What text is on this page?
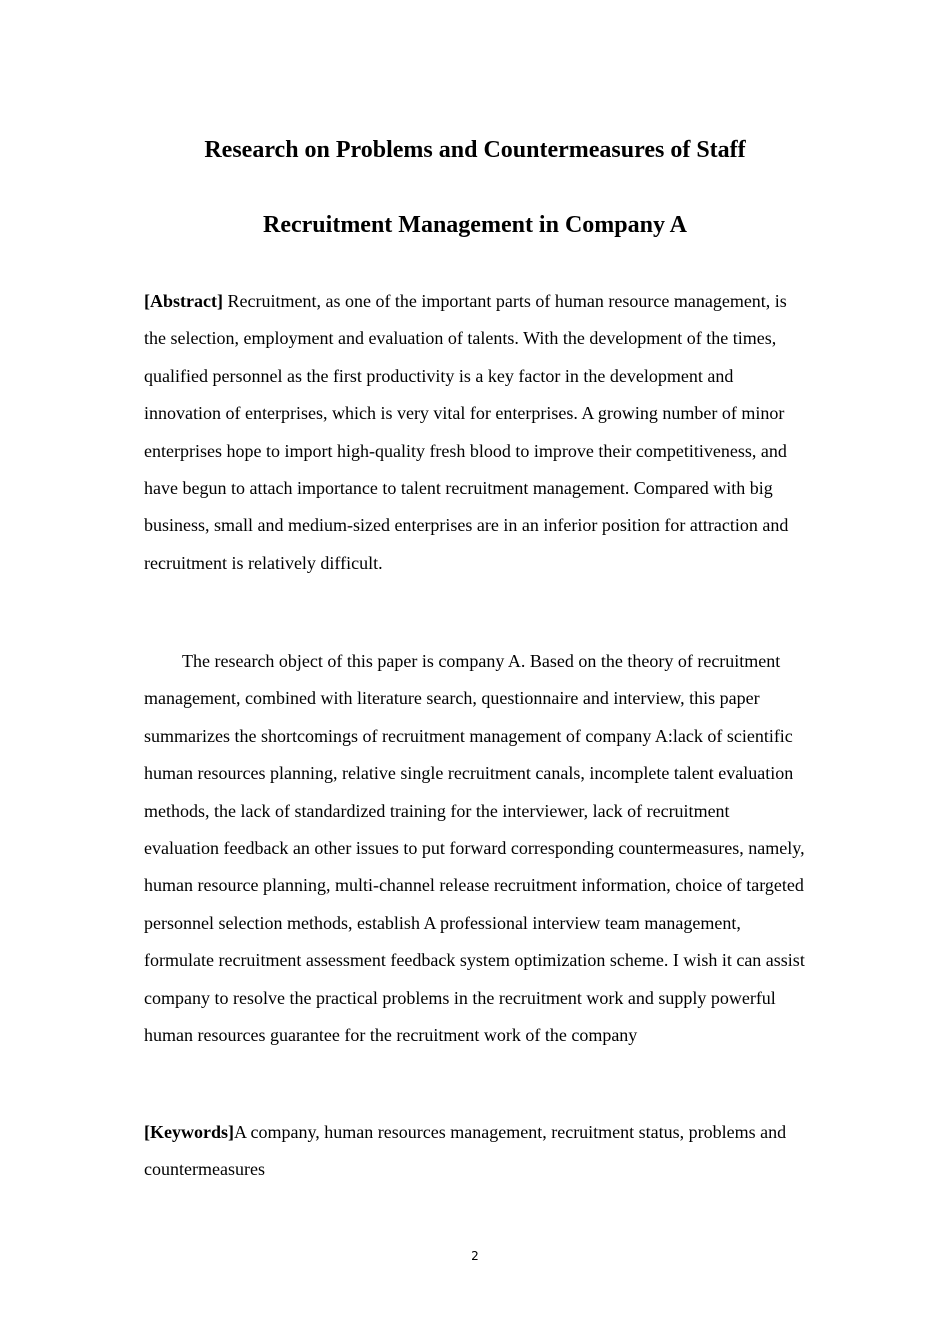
Research on Problems and Countermeasures of Staff
Recruitment Management in Company A

[Abstract] Recruitment, as one of the important parts of human resource management, is the selection, employment and evaluation of talents. With the development of the times, qualified personnel as the first productivity is a key factor in the development and innovation of enterprises, which is very vital for enterprises. A growing number of minor enterprises hope to import high-quality fresh blood to improve their competitiveness, and have begun to attach importance to talent recruitment management. Compared with big business, small and medium-sized enterprises are in an inferior position for attraction and recruitment is relatively difficult.

The research object of this paper is company A. Based on the theory of recruitment management, combined with literature search, questionnaire and interview, this paper summarizes the shortcomings of recruitment management of company A:lack of scientific human resources planning, relative single recruitment canals, incomplete talent evaluation methods, the lack of standardized training for the interviewer, lack of recruitment evaluation feedback an other issues to put forward corresponding countermeasures, namely, human resource planning, multi-channel release recruitment information, choice of targeted personnel selection methods, establish A professional interview team management, formulate recruitment assessment feedback system optimization scheme. I wish it can assist company to resolve the practical problems in the recruitment work and supply powerful human resources guarantee for the recruitment work of the company

[Keywords]A company, human resources management, recruitment status, problems and countermeasures

2
